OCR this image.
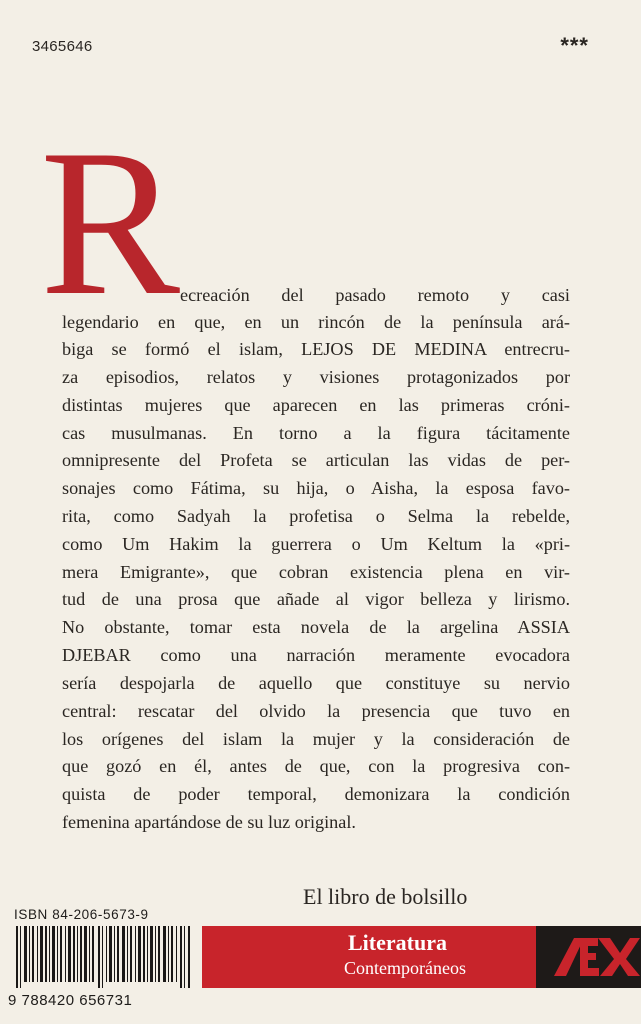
3465646	***
R ecreación del pasado remoto y casi
legendario en que, en un rincón de la península ará-
biga se formó el islam, LEJOS DE MEDINA entrecru-
za episodios, relatos y visiones protagonizados por
distintas mujeres que aparecen en las primeras cróni-
cas musulmanas. En torno a la figura tácitamente
omnipresente del Profeta se articulan las vidas de per-
sonajes como Fátima, su hija, o Aisha, la esposa favo-
rita, como Sadyah la profetisa o Selma la rebelde,
como Um Hakim la guerrera o Um Keltum la «pri-
mera Emigrante», que cobran existencia plena en vir-
tud de una prosa que añade al vigor belleza y lirismo.
No obstante, tomar esta novela de la argelina ASSIA
DJEBAR como una narración meramente evocadora
sería despojarla de aquello que constituye su nervio
central: rescatar del olvido la presencia que tuvo en
los orígenes del islam la mujer y la consideración de
que gozó en él, antes de que, con la progresiva con-
quista de poder temporal, demonizara la condición
femenina apartándose de su luz original.
El libro de bolsillo
ISBN 84-206-5673-9
9 788420 656731
Literatura
Contemporáneos
